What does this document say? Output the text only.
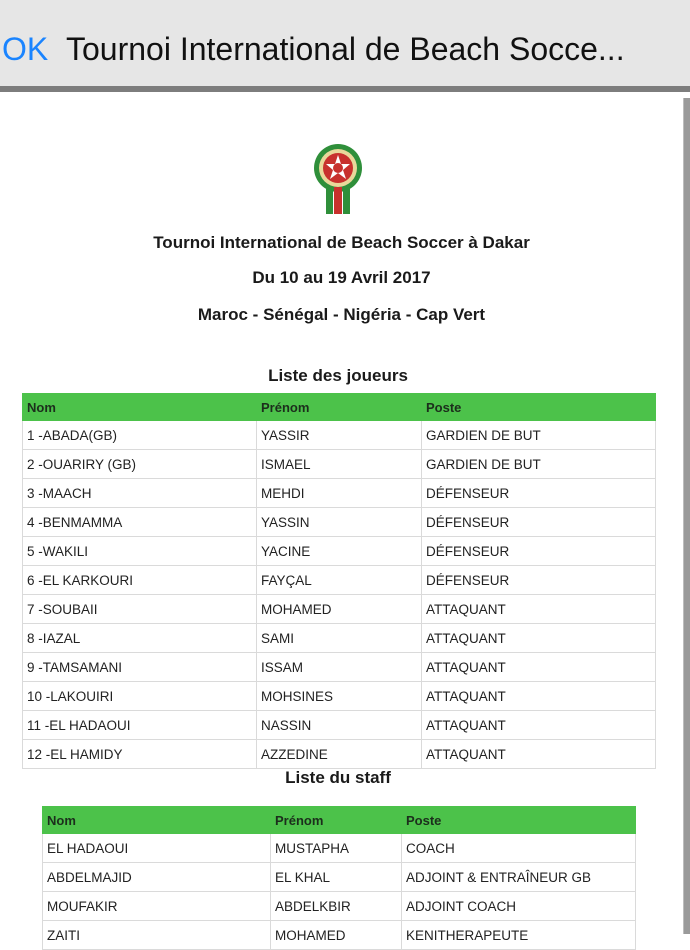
OK Tournoi International de Beach Socce...
Tournoi International de Beach Soccer à Dakar
Du 10 au 19 Avril 2017
Maroc - Sénégal - Nigéria - Cap Vert
Liste des joueurs
Nom	Prénom	Poste
1 -ABADA(GB)	YASSIR	GARDIEN DE BUT
2 -OUARIRY (GB)	ISMAEL	GARDIEN DE BUT
3 -MAACH	MEHDI	DÉFENSEUR
4 -BENMAMMA	YASSIN	DÉFENSEUR
5 -WAKILI	YACINE	DÉFENSEUR
6 -EL KARKOURI	FAYÇAL	DÉFENSEUR
7 -SOUBAII	MOHAMED	ATTAQUANT
8 -IAZAL	SAMI	ATTAQUANT
9 -TAMSAMANI	ISSAM	ATTAQUANT
10 -LAKOUIRI	MOHSINES	ATTAQUANT
11 -EL HADAOUI	NASSIN	ATTAQUANT
12 -EL HAMIDY	AZZEDINE	ATTAQUANT
Liste du staff
Nom	Prénom	Poste
EL HADAOUI	MUSTAPHA	COACH
ABDELMAJID	EL KHAL	ADJOINT & ENTRAÎNEUR GB
MOUFAKIR	ABDELKBIR	ADJOINT COACH
ZAITI	MOHAMED	KENITHERAPEUTE
